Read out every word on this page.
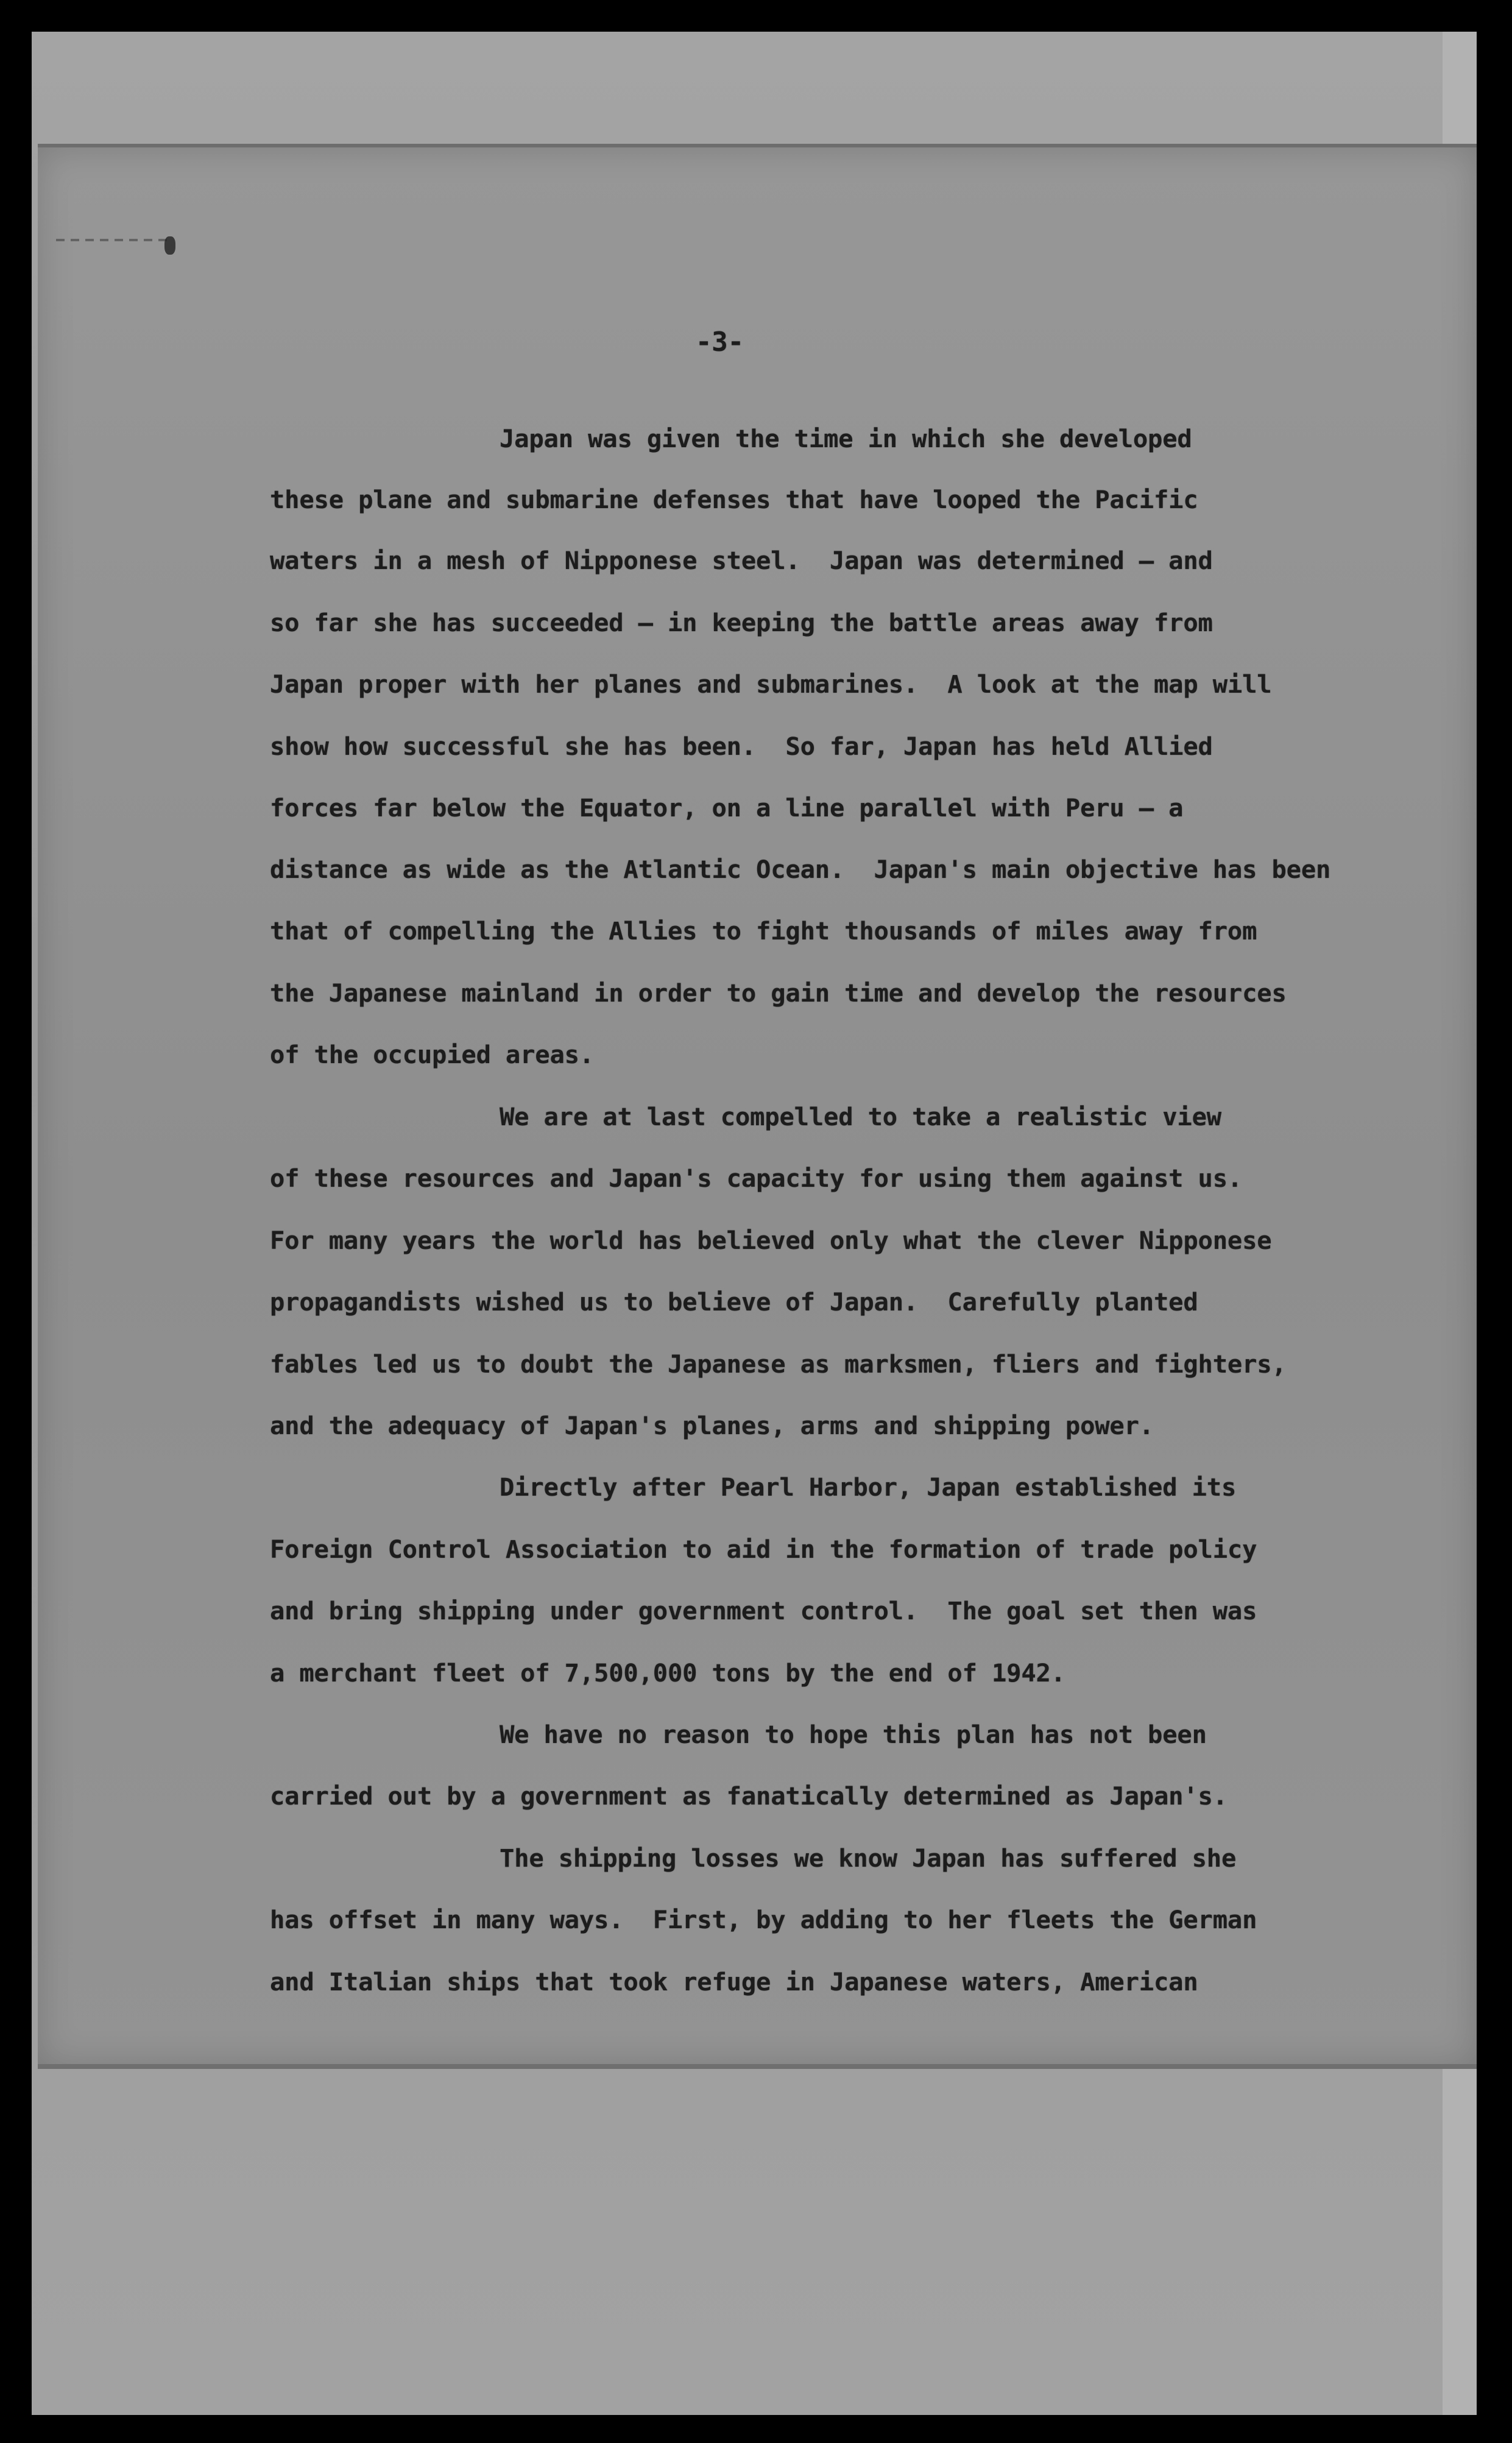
-3-

Japan was given the time in which she developed

these plane and submarine defenses that have looped the Pacific

waters in a mesh of Nipponese steel.  Japan was determined — and

so far she has succeeded — in keeping the battle areas away from

Japan proper with her planes and submarines.  A look at the map will

show how successful she has been.  So far, Japan has held Allied

forces far below the Equator, on a line parallel with Peru — a

distance as wide as the Atlantic Ocean.  Japan's main objective has been

that of compelling the Allies to fight thousands of miles away from

the Japanese mainland in order to gain time and develop the resources

of the occupied areas.

We are at last compelled to take a realistic view

of these resources and Japan's capacity for using them against us.

For many years the world has believed only what the clever Nipponese

propagandists wished us to believe of Japan.  Carefully planted

fables led us to doubt the Japanese as marksmen, fliers and fighters,

and the adequacy of Japan's planes, arms and shipping power.

Directly after Pearl Harbor, Japan established its

Foreign Control Association to aid in the formation of trade policy

and bring shipping under government control.  The goal set then was

a merchant fleet of 7,500,000 tons by the end of 1942.

We have no reason to hope this plan has not been

carried out by a government as fanatically determined as Japan's.

The shipping losses we know Japan has suffered she

has offset in many ways.  First, by adding to her fleets the German

and Italian ships that took refuge in Japanese waters, American
